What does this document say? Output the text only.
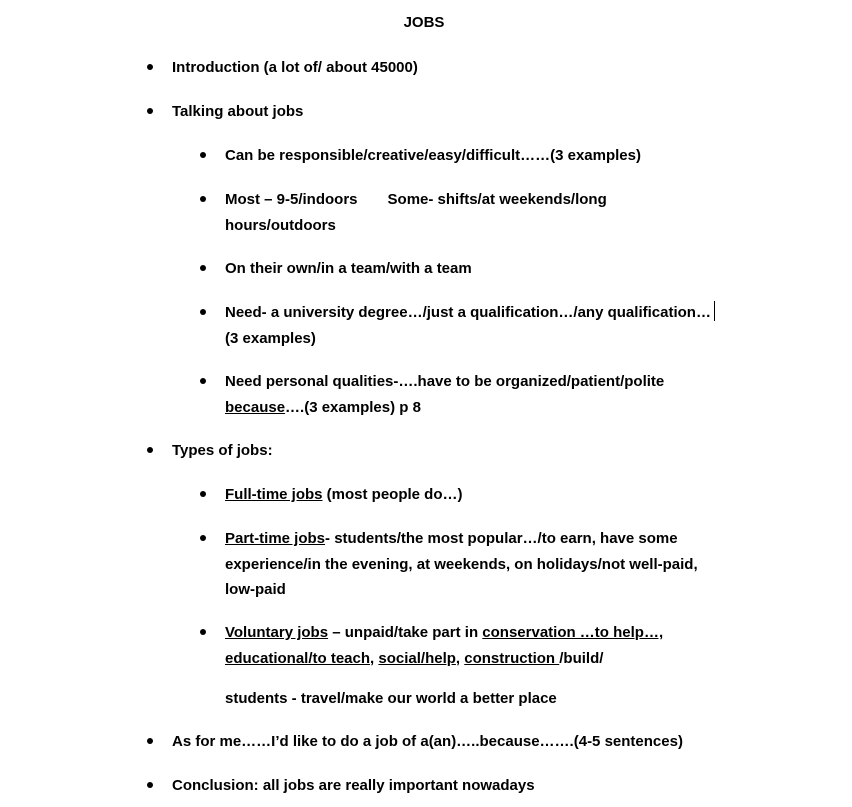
JOBS
Introduction (a lot of/ about 45000)
Talking about jobs
Can be responsible/creative/easy/difficult……(3 examples)
Most – 9-5/indoors Some- shifts/at weekends/long
hours/outdoors
On their own/in a team/with a team
Need- a university degree…/just a qualification…/any qualification…
(3 examples)
Need personal qualities-….have to be organized/patient/polite
because….(3 examples) p 8
Types of jobs:
Full-time jobs (most people do…)
Part-time jobs- students/the most popular…/to earn, have some
experience/in the evening, at weekends, on holidays/not well-paid,
low-paid
Voluntary jobs – unpaid/take part in conservation …to help…,
educational/to teach, social/help, construction /build/
students - travel/make our world a better place
As for me……I’d like to do a job of a(an)…..because…….(4-5 sentences)
Conclusion: all jobs are really important nowadays
